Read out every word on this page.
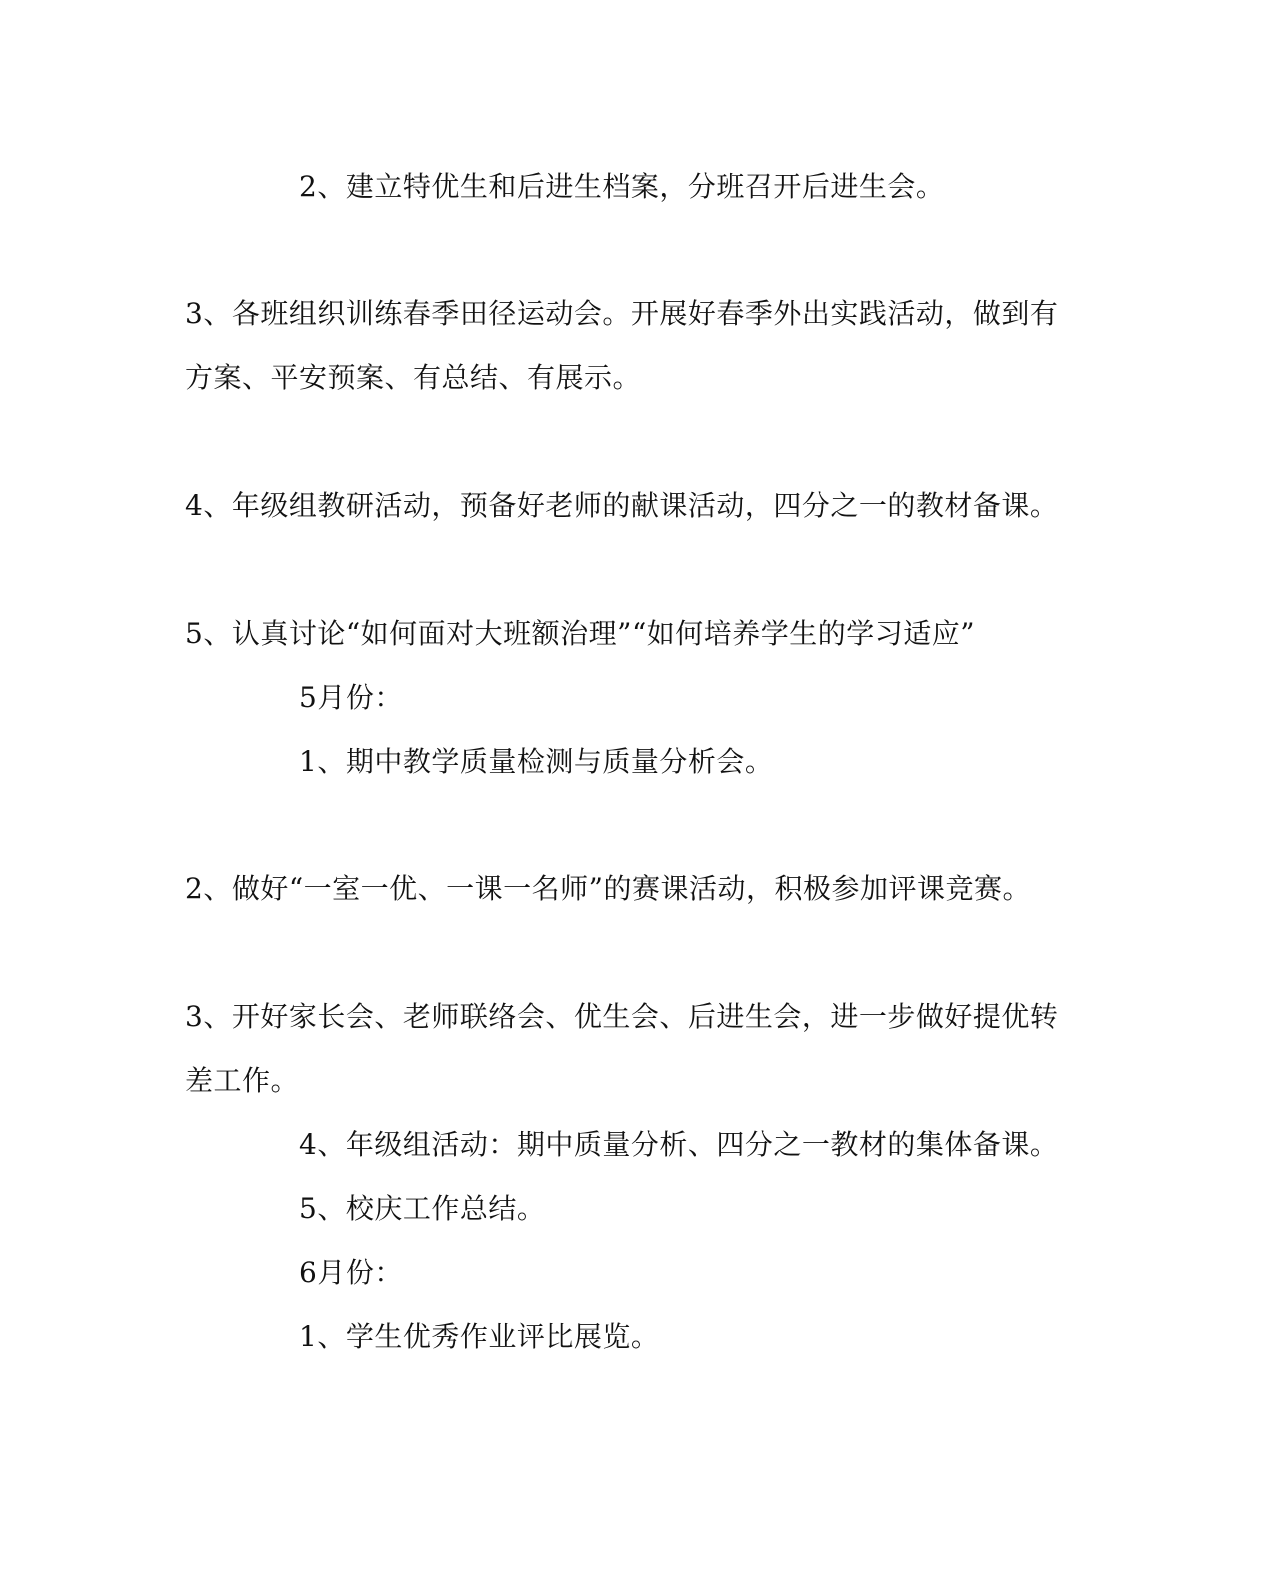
2、建立特优生和后进生档案，分班召开后进生会。
3、各班组织训练春季田径运动会。开展好春季外出实践活动，做到有
方案、平安预案、有总结、有展示。
4、年级组教研活动，预备好老师的献课活动，四分之一的教材备课。
5、认真讨论“如何面对大班额治理”“如何培养学生的学习适应”
5月份：
1、期中教学质量检测与质量分析会。
2、做好“一室一优、一课一名师”的赛课活动，积极参加评课竞赛。
3、开好家长会、老师联络会、优生会、后进生会，进一步做好提优转
差工作。
4、年级组活动：期中质量分析、四分之一教材的集体备课。
5、校庆工作总结。
6月份：
1、学生优秀作业评比展览。
